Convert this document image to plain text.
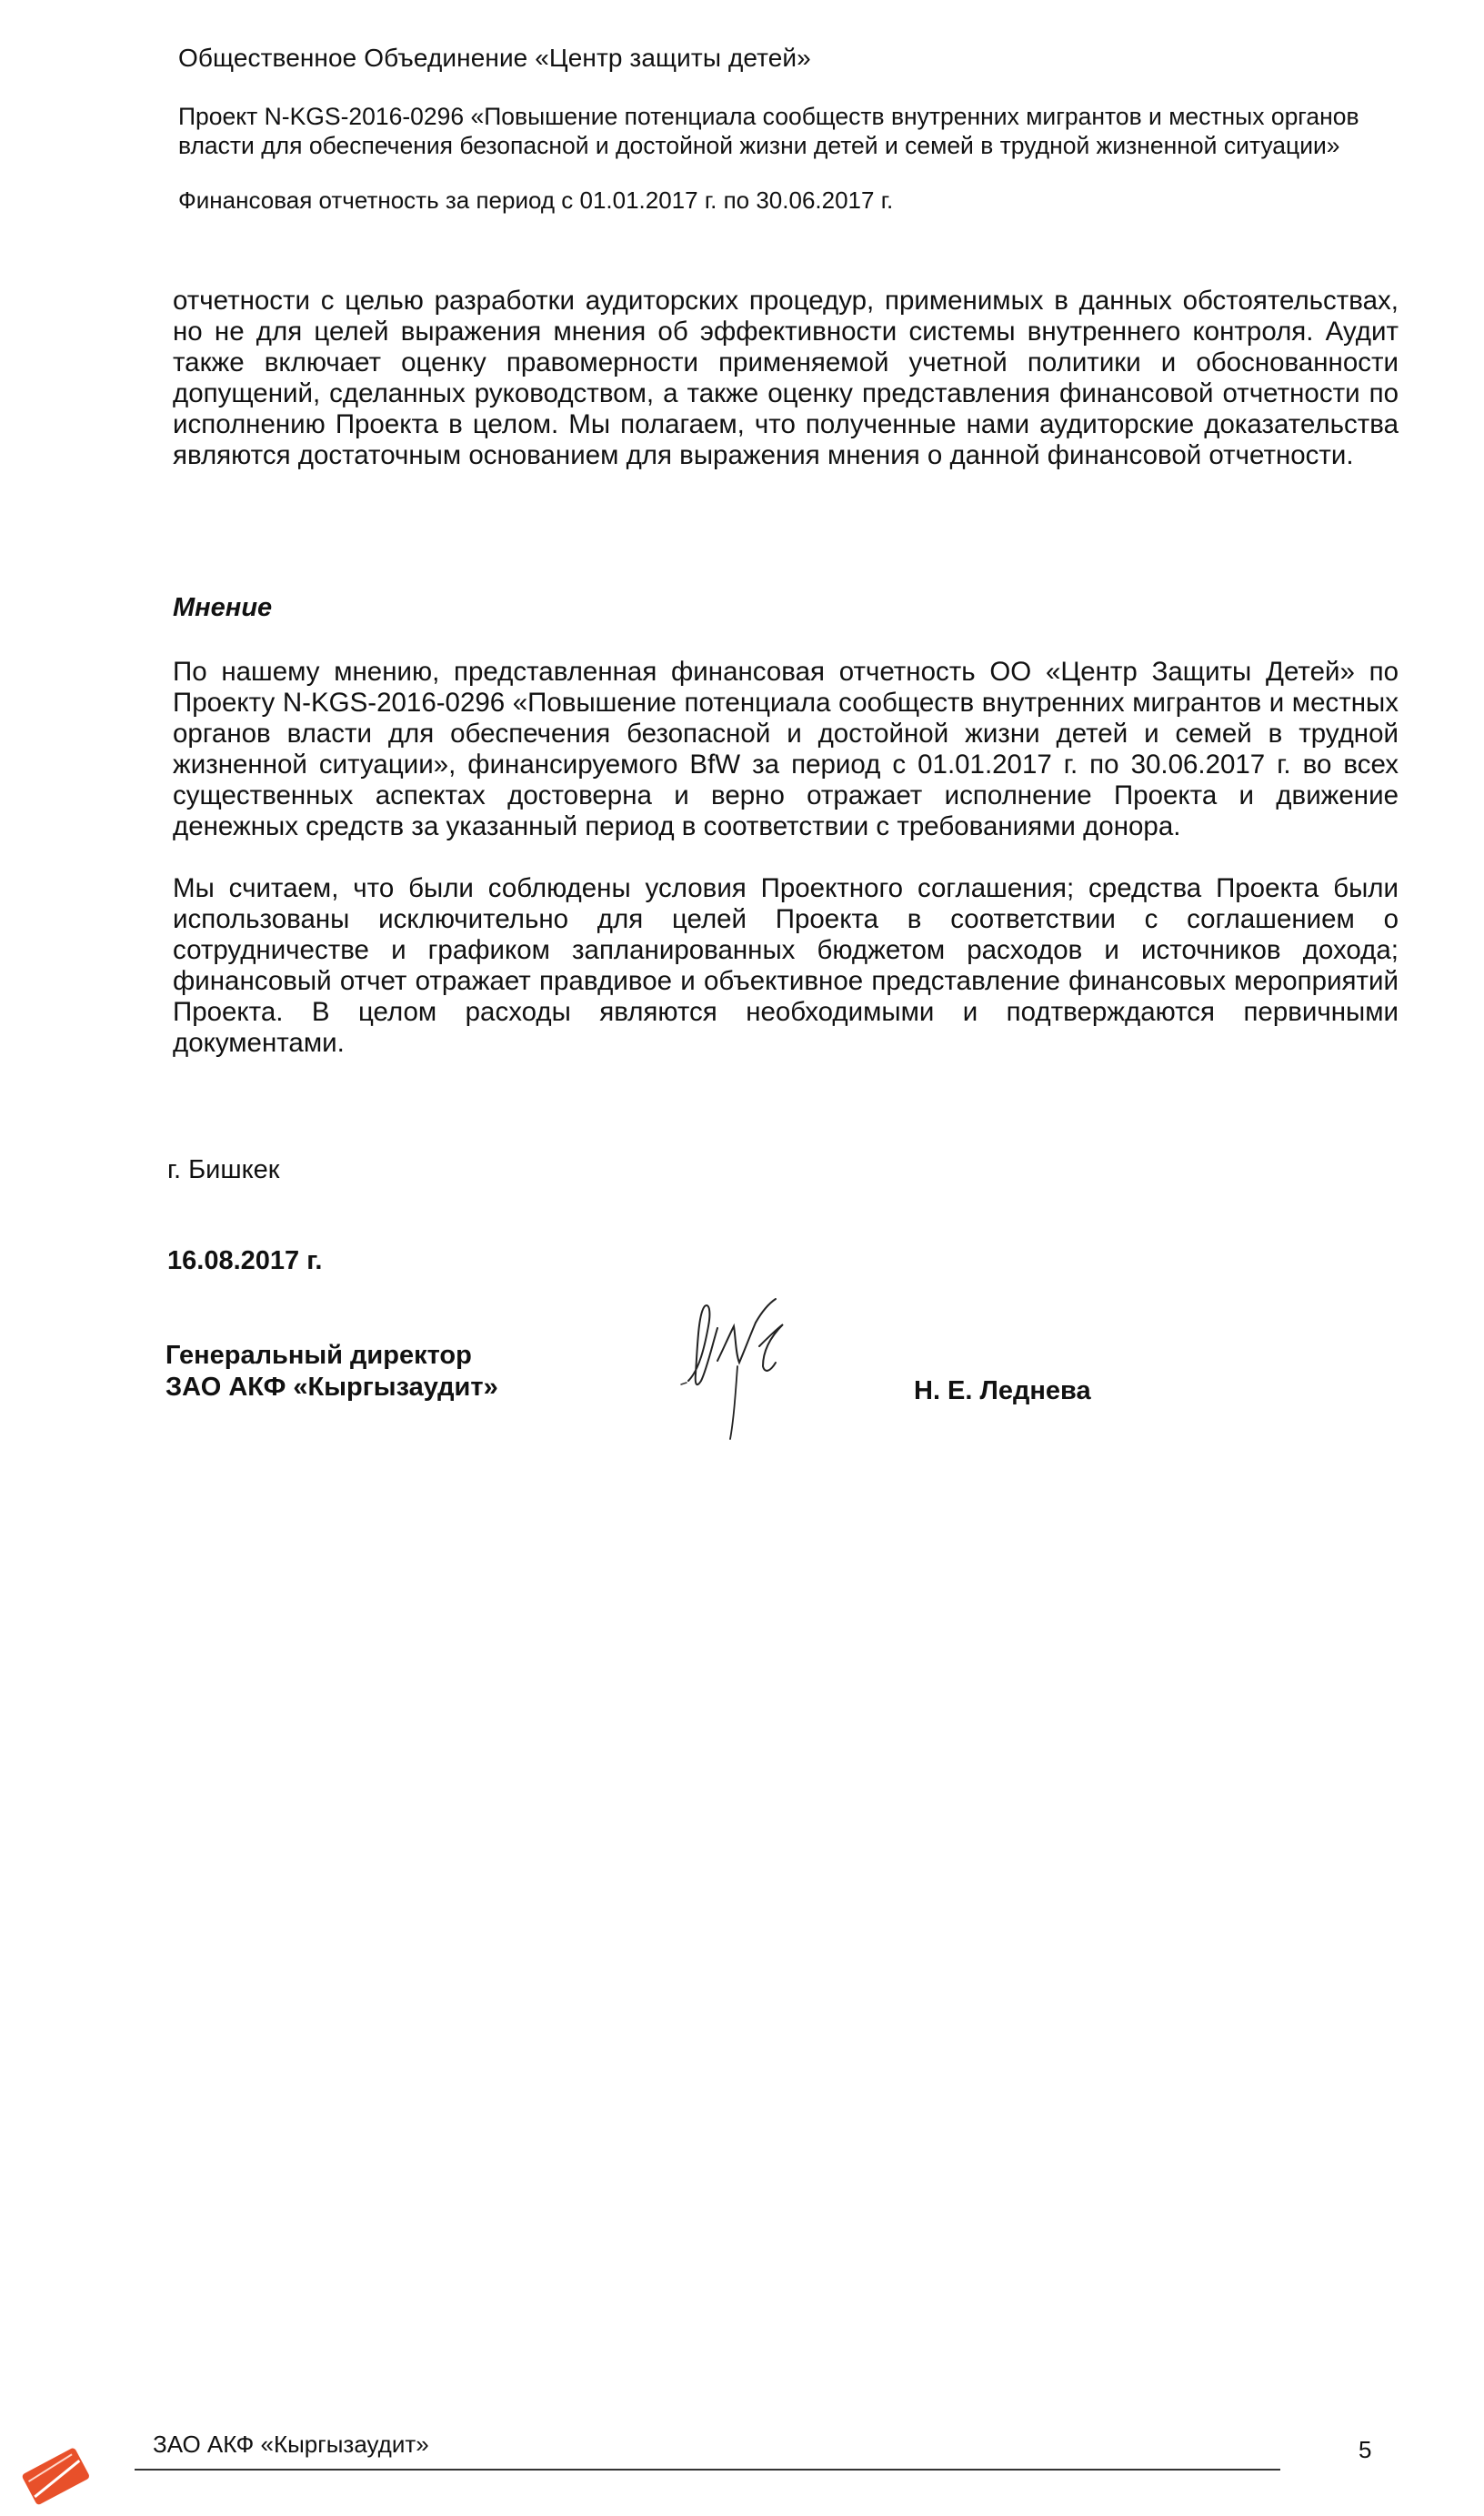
Общественное Объединение «Центр защиты детей»
Проект N-KGS-2016-0296 «Повышение потенциала сообществ внутренних мигрантов и местных органов власти для обеспечения безопасной и достойной жизни детей и семей в трудной жизненной ситуации»
Финансовая отчетность за период с 01.01.2017 г. по 30.06.2017 г.
отчетности с целью разработки аудиторских процедур, применимых в данных обстоятельствах, но не для целей выражения мнения об эффективности системы внутреннего контроля. Аудит также включает оценку правомерности применяемой учетной политики и обоснованности допущений, сделанных руководством, а также оценку представления финансовой отчетности по исполнению Проекта в целом. Мы полагаем, что полученные нами аудиторские доказательства являются достаточным основанием для выражения мнения о данной финансовой отчетности.
Мнение
По нашему мнению, представленная финансовая отчетность ОО «Центр Защиты Детей» по Проекту N-KGS-2016-0296 «Повышение потенциала сообществ внутренних мигрантов и местных органов власти для обеспечения безопасной и достойной жизни детей и семей в трудной жизненной ситуации», финансируемого BfW за период с 01.01.2017 г. по 30.06.2017 г. во всех существенных аспектах достоверна и верно отражает исполнение Проекта и движение денежных средств за указанный период в соответствии с требованиями донора.
Мы считаем, что были соблюдены условия Проектного соглашения; средства Проекта были использованы исключительно для целей Проекта в соответствии с соглашением о сотрудничестве и графиком запланированных бюджетом расходов и источников дохода; финансовый отчет отражает правдивое и объективное представление финансовых мероприятий Проекта. В целом расходы являются необходимыми и подтверждаются первичными документами.
г. Бишкек
16.08.2017 г.
Генеральный директор
ЗАО АКФ «Кыргызаудит»	Н. Е. Леднева
ЗАО АКФ «Кыргызаудит»	5
